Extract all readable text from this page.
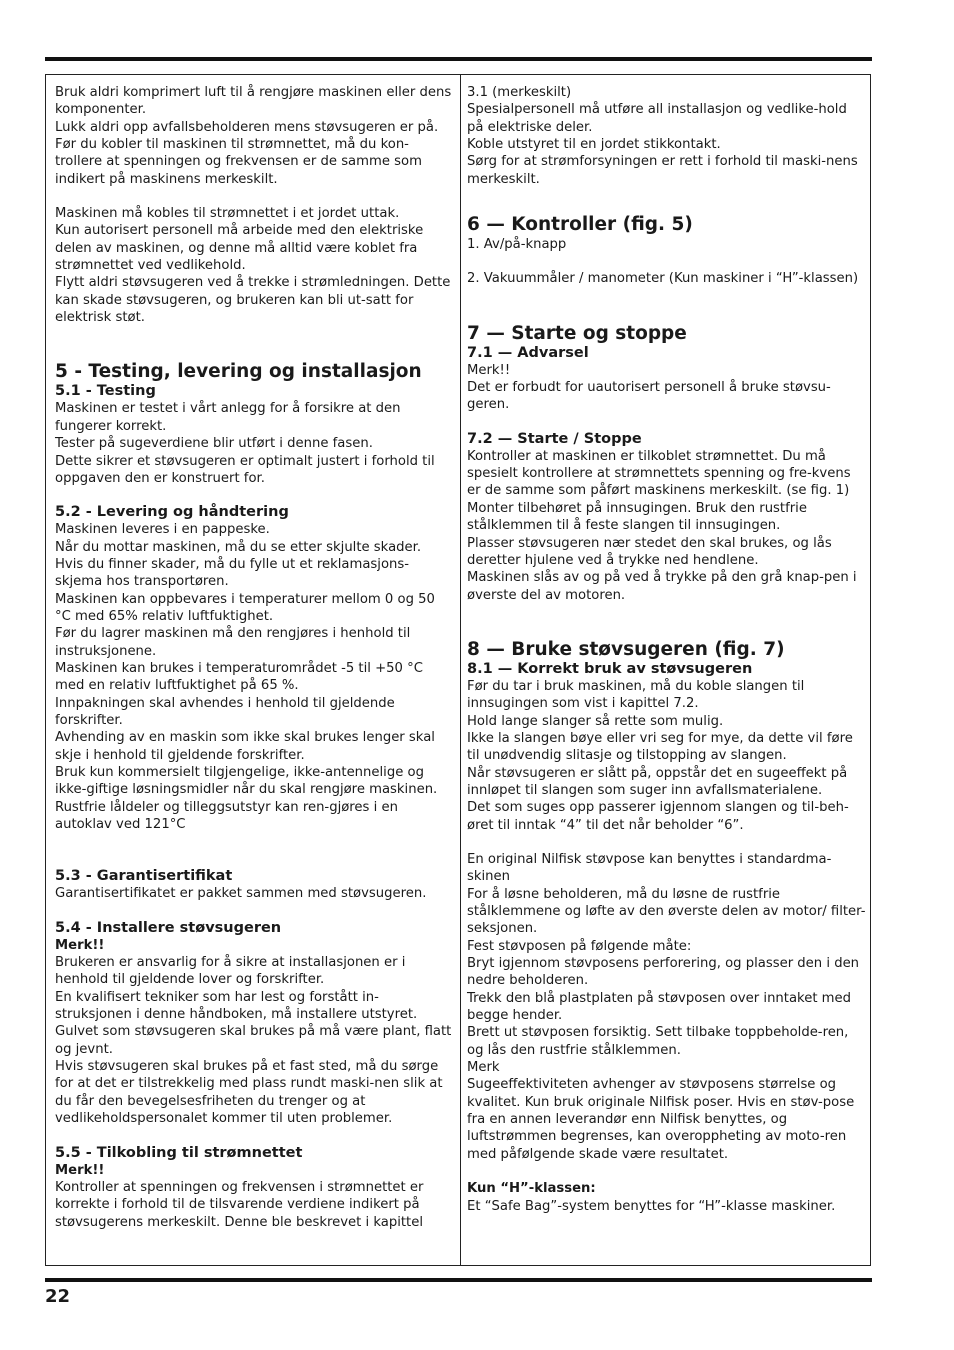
Bruk aldri komprimert luft til å rengjøre maskinen eller dens komponenter.

Lukk aldri opp avfallsbeholderen mens støvsugeren er på.

Før du kobler til maskinen til strømnettet, må du kon-trollere at spenningen og frekvensen er de samme som indikert på maskinens merkeskilt.

Maskinen må kobles til strømnettet i et jordet uttak.

Kun autorisert personell må arbeide med den elektriske delen av maskinen, og denne må alltid være koblet fra strømnettet ved vedlikehold.

Flytt aldri støvsugeren ved å trekke i strømledningen. Dette kan skade støvsugeren, og brukeren kan bli ut-satt for elektrisk støt.

5 - Testing, levering og installasjon
5.1 - Testing

Maskinen er testet i vårt anlegg for å forsikre at den fungerer korrekt.

Tester på sugeverdiene blir utført i denne fasen.

Dette sikrer et støvsugeren er optimalt justert i forhold til oppgaven den er konstruert for.

5.2 - Levering og håndtering

Maskinen leveres i en pappeske.

Når du mottar maskinen, må du se etter skjulte skader.

Hvis du finner skader, må du fylle ut et reklamasjons-skjema hos transportøren.

Maskinen kan oppbevares i temperaturer mellom 0 og 50 °C med 65% relativ luftfuktighet.

Før du lagrer maskinen må den rengjøres i henhold til instruksjonene.

Maskinen kan brukes i temperaturområdet -5 til +50 °C med en relativ luftfuktighet på 65 %.

Innpakningen skal avhendes i henhold til gjeldende forskrifter.

Avhending av en maskin som ikke skal brukes lenger skal skje i henhold til gjeldende forskrifter.

Bruk kun kommersielt tilgjengelige, ikke-antennelige og ikke-giftige løsningsmidler når du skal rengjøre maskinen. Rustfrie låldeler og tilleggsutstyr kan ren-gjøres i en autoklav ved 121°C

5.3 - Garantisertifikat

Garantisertifikatet er pakket sammen med støvsugeren.

5.4 - Installere støvsugeren
Merk!!

Brukeren er ansvarlig for å sikre at installasjonen er i henhold til gjeldende lover og forskrifter.

En kvalifisert tekniker som har lest og forstått in-struksjonen i denne håndboken, må installere utstyret.

Gulvet som støvsugeren skal brukes på må være plant, flatt og jevnt.

Hvis støvsugeren skal brukes på et fast sted, må du sørge for at det er tilstrekkelig med plass rundt maski-nen slik at du får den bevegelsesfriheten du trenger og at vedlikeholdspersonalet kommer til uten problemer.

5.5 - Tilkobling til strømnettet
Merk!!

Kontroller at spenningen og frekvensen i strømnettet er korrekte i forhold til de tilsvarende verdiene indikert på støvsugerens merkeskilt. Denne ble beskrevet i kapittel

3.1 (merkeskilt)

Spesialpersonell må utføre all installasjon og vedlike-hold på elektriske deler.

Koble utstyret til en jordet stikkontakt.

Sørg for at strømforsyningen er rett i forhold til maski-nens merkeskilt.

6 — Kontroller (fig. 5)

1. Av/på-knapp

2. Vakuummåler / manometer (Kun maskiner i “H”-klassen)

7 — Starte og stoppe
7.1 — Advarsel

Merk!!

Det er forbudt for uautorisert personell å bruke støvsu-geren.

7.2 — Starte / Stoppe

Kontroller at maskinen er tilkoblet strømnettet. Du må spesielt kontrollere at strømnettets spenning og fre-kvens er de samme som påført maskinens merkeskilt. (se fig. 1)

Monter tilbehøret på innsugingen. Bruk den rustfrie stålklemmen til å feste slangen til innsugingen.

Plasser støvsugeren nær stedet den skal brukes, og lås deretter hjulene ved å trykke ned hendlene.

Maskinen slås av og på ved å trykke på den grå knap-pen i øverste del av motoren.

8 — Bruke støvsugeren (fig. 7)
8.1 — Korrekt bruk av støvsugeren

Før du tar i bruk maskinen, må du koble slangen til innsugingen som vist i kapittel 7.2.

Hold lange slanger så rette som mulig.

Ikke la slangen bøye eller vri seg for mye, da dette vil føre til unødvendig slitasje og tilstopping av slangen.

Når støvsugeren er slått på, oppstår det en sugeeffekt på innløpet til slangen som suger inn avfallsmaterialene.

Det som suges opp passerer igjennom slangen og til-behøret til inntak “4” til det når beholder “6”.

En original Nilfisk støvpose kan benyttes i standardma-skinen

For å løsne beholderen, må du løsne de rustfrie stålklemmene og løfte av den øverste delen av motor/ filter-seksjonen.

Fest støvposen på følgende måte:

Bryt igjennom støvposens perforering, og plasser den i den nedre beholderen.

Trekk den blå plastplaten på støvposen over inntaket med begge hender.

Brett ut støvposen forsiktig. Sett tilbake toppbeholde-ren, og lås den rustfrie stålklemmen.

Merk

Sugeeffektiviteten avhenger av støvposens størrelse og kvalitet. Kun bruk originale Nilfisk poser. Hvis en støv-pose fra en annen leverandør enn Nilfisk benyttes, og luftstrømmen begrenses, kan overoppheting av moto-ren med påfølgende skade være resultatet.

Kun “H”-klassen:

Et “Safe Bag”-system benyttes for “H”-klasse maskiner.

22
